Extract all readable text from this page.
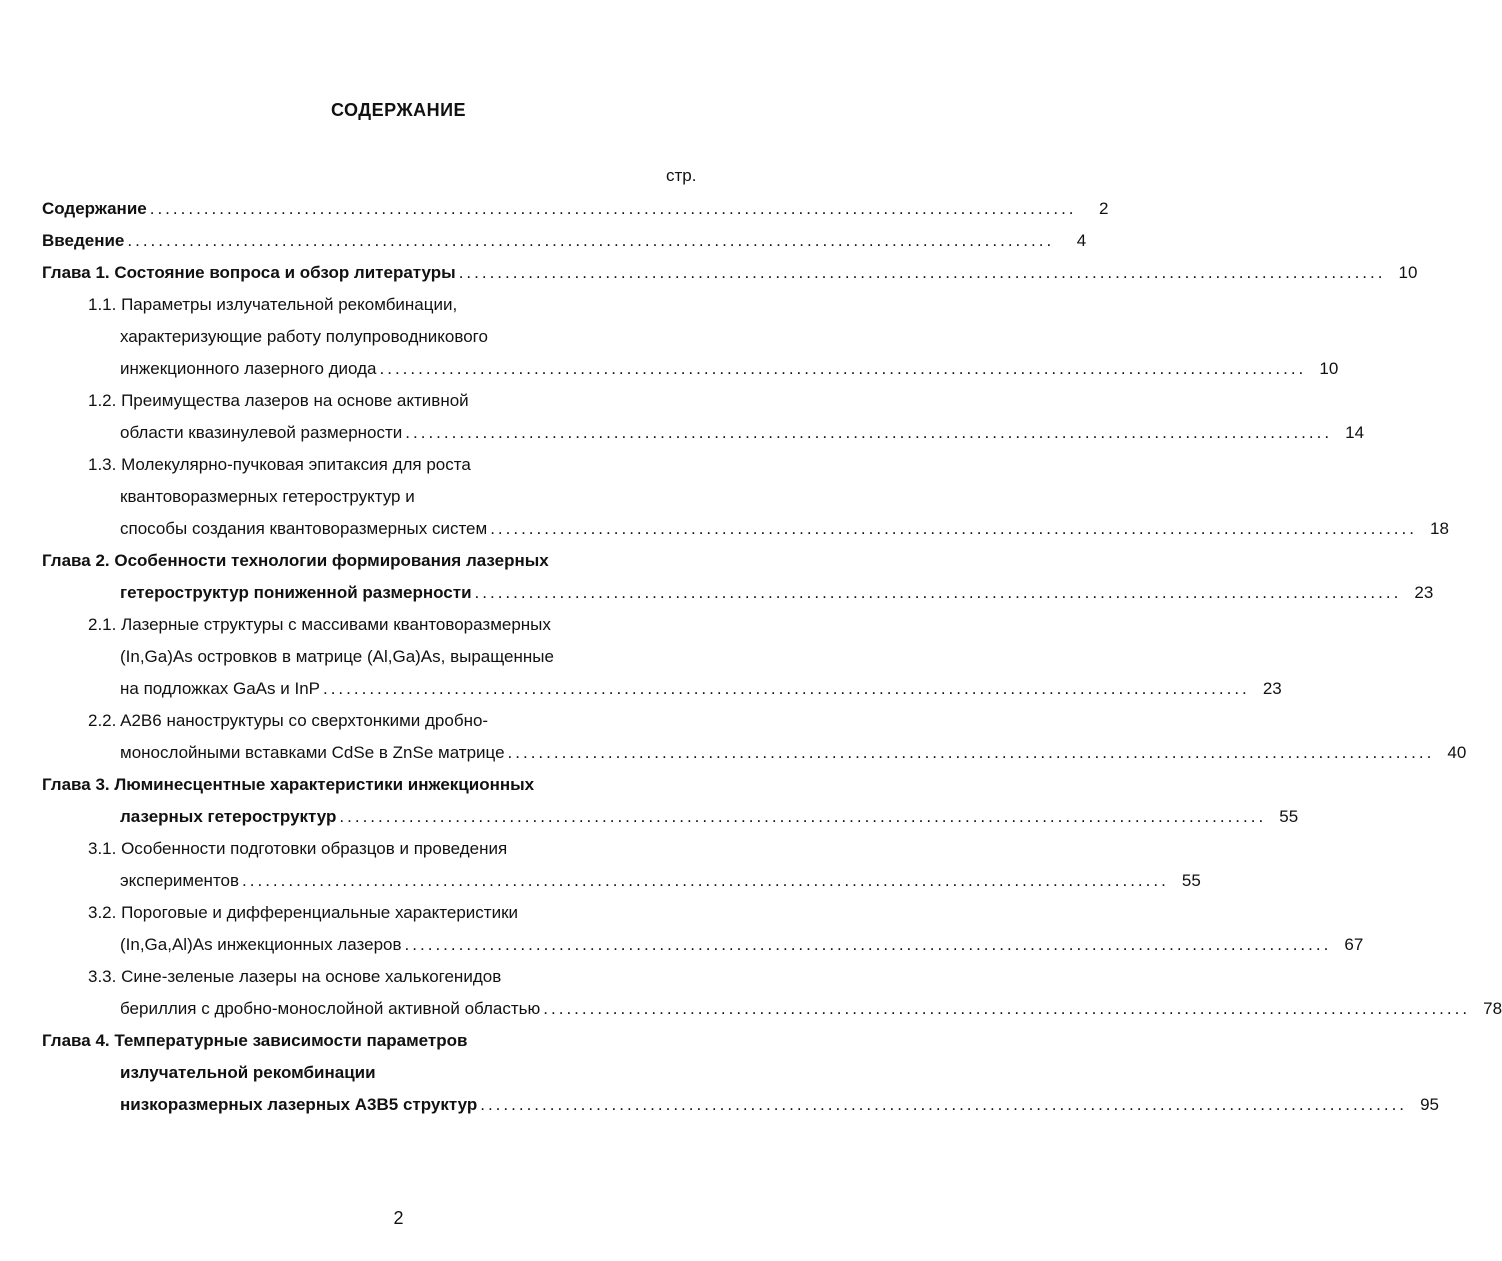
СОДЕРЖАНИЕ
стр.
Содержание ........................................................................................................................	2
Введение ........................................................................................................................	4
Глава 1. Состояние вопроса и обзор литературы ........................................................................................................................ 10
1.1. Параметры излучательной рекомбинации,
характеризующие работу полупроводникового
инжекционного лазерного диода ........................................................................................................................ 10
1.2. Преимущества лазеров на основе активной
области квазинулевой размерности ........................................................................................................................ 14
1.3. Молекулярно-пучковая эпитаксия для роста
квантоворазмерных гетероструктур и
способы создания квантоворазмерных систем ........................................................................................................................ 18
Глава 2. Особенности технологии формирования лазерных
гетероструктур пониженной размерности ........................................................................................................................ 23
2.1. Лазерные структуры с массивами квантоворазмерных
(In,Ga)As островков в матрице (Al,Ga)As, выращенные
на подложках GaAs и InP ........................................................................................................................ 23
2.2. A2B6 наноструктуры со сверхтонкими дробно-
монослойными вставками CdSe в ZnSe матрице ........................................................................................................................ 40
Глава 3. Люминесцентные характеристики инжекционных
лазерных гетероструктур ........................................................................................................................ 55
3.1. Особенности подготовки образцов и проведения
экспериментов ........................................................................................................................ 55
3.2. Пороговые и дифференциальные характеристики
(In,Ga,Al)As инжекционных лазеров ........................................................................................................................ 67
3.3. Сине-зеленые лазеры на основе халькогенидов
бериллия с дробно-монослойной активной областью ........................................................................................................................ 78
Глава 4. Температурные зависимости параметров
излучательной рекомбинации
низкоразмерных лазерных A3B5 структур ........................................................................................................................ 95
2
